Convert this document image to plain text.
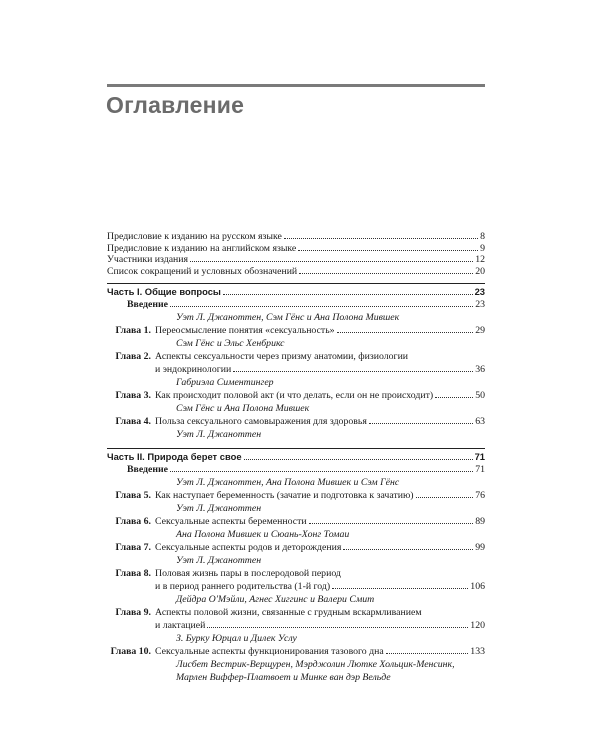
Оглавление
Предисловие к изданию на русском языке	8
Предисловие к изданию на английском языке	9
Участники издания	12
Список сокращений и условных обозначений	20
Часть I. Общие вопросы	23
Введение	23
Уэт Л. Джаноттен, Сэм Гёнс и Ана Полона Мившек
Глава 1. Переосмысление понятия «сексуальность»	29
Сэм Гёнс и Эльс Хенбрикс
Глава 2. Аспекты сексуальности через призму анатомии, физиологии
и эндокринологии	36
Габриэла Симентингер
Глава 3. Как происходит половой акт (и что делать, если он не происходит)	50
Сэм Гёнс и Ана Полона Мившек
Глава 4. Польза сексуального самовыражения для здоровья	63
Уэт Л. Джаноттен
Часть II. Природа берет свое	71
Введение	71
Уэт Л. Джаноттен, Ана Полона Мившек и Сэм Гёнс
Глава 5. Как наступает беременность (зачатие и подготовка к зачатию)	76
Уэт Л. Джаноттен
Глава 6. Сексуальные аспекты беременности	89
Ана Полона Мившек и Сюань-Хонг Томаи
Глава 7. Сексуальные аспекты родов и деторождения	99
Уэт Л. Джаноттен
Глава 8. Половая жизнь пары в послеродовой период
и в период раннего родительства (1-й год)	106
Дейдра О'Мэйли, Агнес Хиггинс и Валери Смит
Глава 9. Аспекты половой жизни, связанные с грудным вскармливанием
и лактацией	120
З. Бурку Юрцал и Дилек Услу
Глава 10. Сексуальные аспекты функционирования тазового дна	133
Лисбет Вестрик-Верщурен, Мэрджолин Лютке Хольцик-Менсинк,
Марлен Виффер-Платвоет и Минке ван дэр Вельде
